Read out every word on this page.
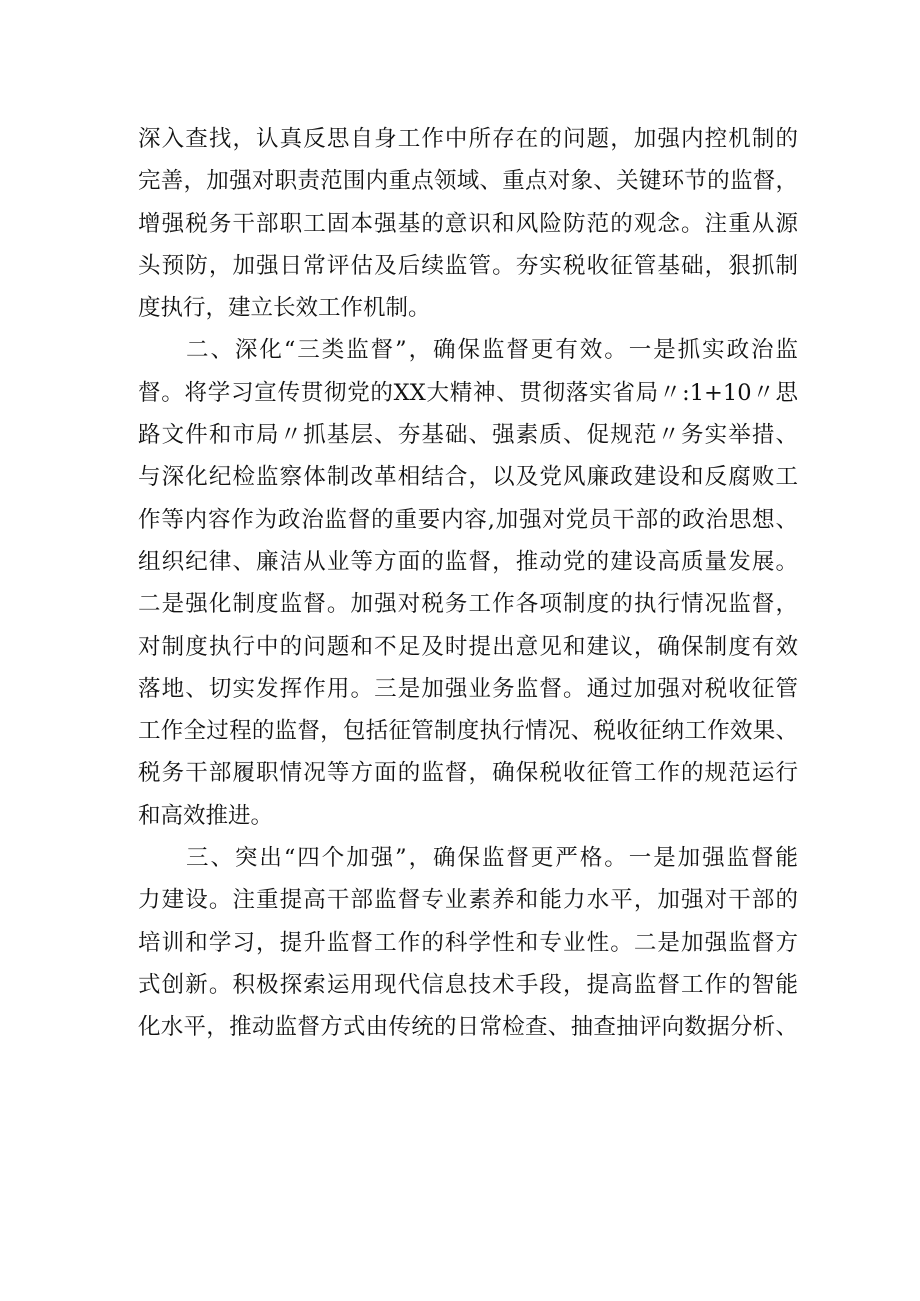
深入查找，认真反思自身工作中所存在的问题，加强内控机制的
完善，加强对职责范围内重点领域、重点对象、关键环节的监督，
增强税务干部职工固本强基的意识和风险防范的观念。注重从源
头预防，加强日常评估及后续监管。夯实税收征管基础，狠抓制
度执行，建立长效工作机制。
二、深化“三类监督”，确保监督更有效。一是抓实政治监
督。将学习宣传贯彻党的XX大精神、贯彻落实省局〃:1+10〃思
路文件和市局〃抓基层、夯基础、强素质、促规范〃务实举措、
与深化纪检监察体制改革相结合，以及党风廉政建设和反腐败工
作等内容作为政治监督的重要内容,加强对党员干部的政治思想、
组织纪律、廉洁从业等方面的监督，推动党的建设高质量发展。
二是强化制度监督。加强对税务工作各项制度的执行情况监督，
对制度执行中的问题和不足及时提出意见和建议，确保制度有效
落地、切实发挥作用。三是加强业务监督。通过加强对税收征管
工作全过程的监督，包括征管制度执行情况、税收征纳工作效果、
税务干部履职情况等方面的监督，确保税收征管工作的规范运行
和高效推进。
三、突出“四个加强”，确保监督更严格。一是加强监督能
力建设。注重提高干部监督专业素养和能力水平，加强对干部的
培训和学习，提升监督工作的科学性和专业性。二是加强监督方
式创新。积极探索运用现代信息技术手段，提高监督工作的智能
化水平，推动监督方式由传统的日常检查、抽查抽评向数据分析、
